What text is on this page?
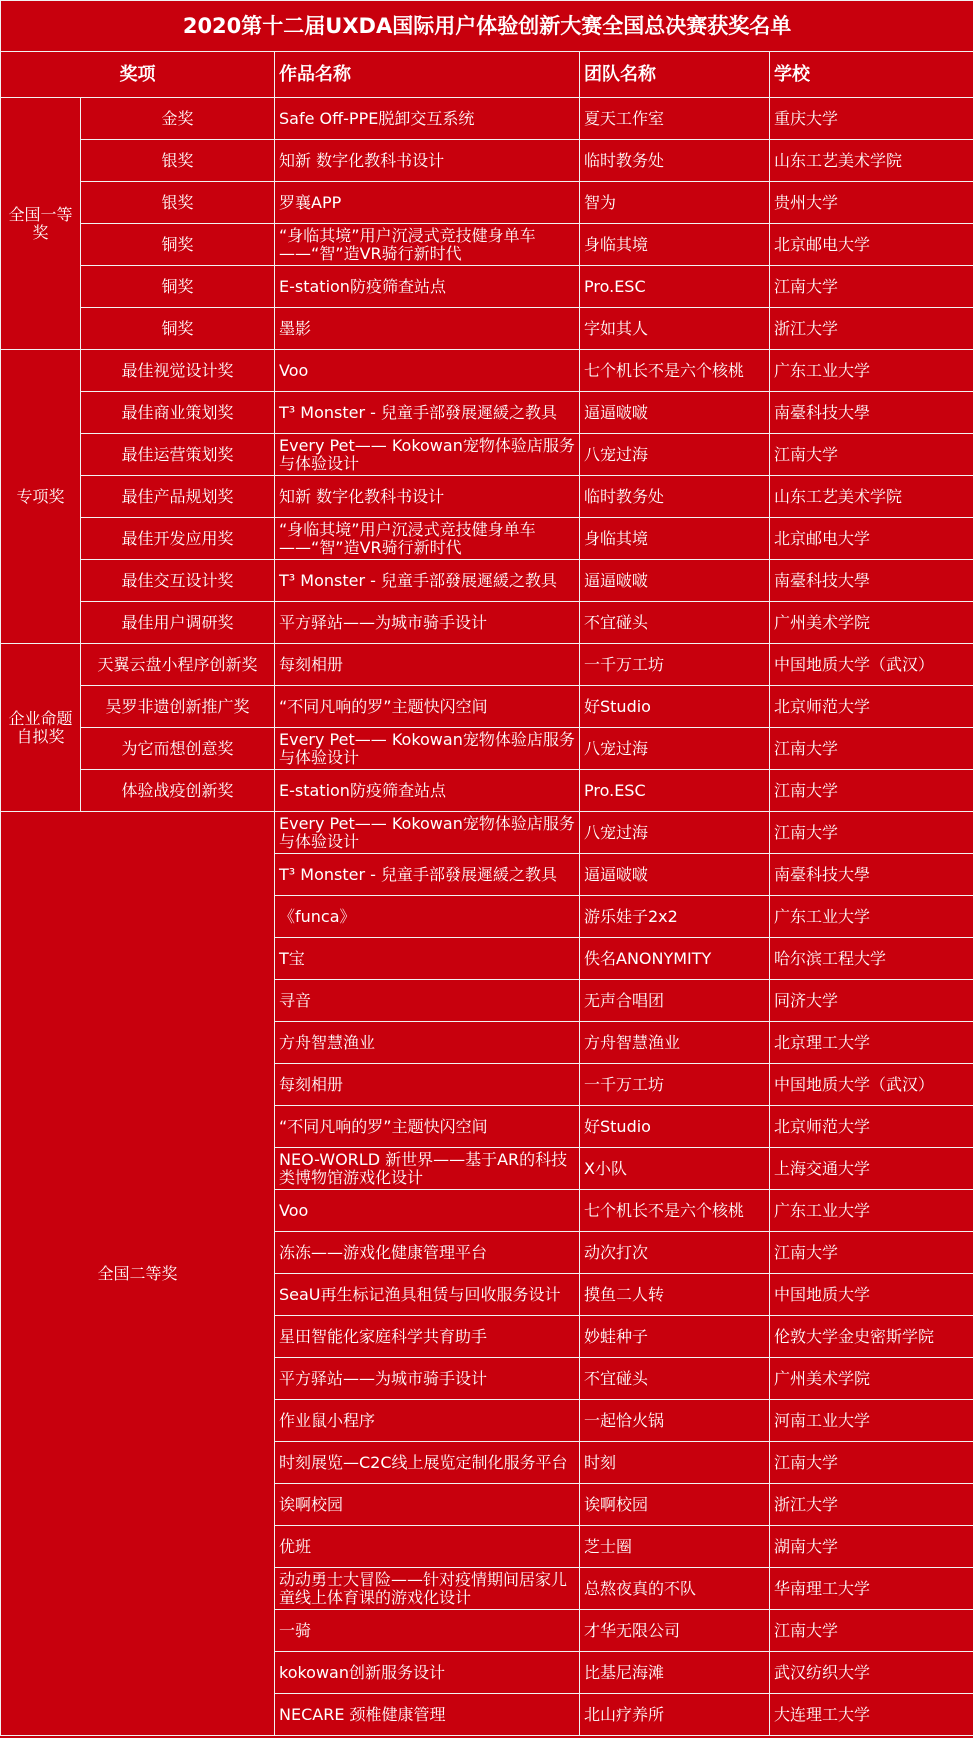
2020第十二届UXDA国际用户体验创新大赛全国总决赛获奖名单				
奖项		作品名称	团队名称	学校
全国一等奖	金奖	Safe Off-PPE脱卸交互系统	夏天工作室	重庆大学
	银奖	知新 数字化教科书设计	临时教务处	山东工艺美术学院
	银奖	罗襄APP	智为	贵州大学
	铜奖	“身临其境”用户沉浸式竞技健身单车——“智”造VR骑行新时代	身临其境	北京邮电大学
	铜奖	E-station防疫筛查站点	Pro.ESC	江南大学
	铜奖	墨影	字如其人	浙江大学
专项奖	最佳视觉设计奖	Voo	七个机长不是六个核桃	广东工业大学
	最佳商业策划奖	T³ Monster - 兒童手部發展遲緩之教具	逼逼啵啵	南臺科技大學
	最佳运营策划奖	Every Pet—— Kokowan宠物体验店服务与体验设计	八宠过海	江南大学
	最佳产品规划奖	知新 数字化教科书设计	临时教务处	山东工艺美术学院
	最佳开发应用奖	“身临其境”用户沉浸式竞技健身单车——“智”造VR骑行新时代	身临其境	北京邮电大学
	最佳交互设计奖	T³ Monster - 兒童手部發展遲緩之教具	逼逼啵啵	南臺科技大學
	最佳用户调研奖	平方驿站——为城市骑手设计	不宜碰头	广州美术学院
企业命题自拟奖	天翼云盘小程序创新奖	每刻相册	一千万工坊	中国地质大学（武汉）
	吴罗非遗创新推广奖	“不同凡响的罗”主题快闪空间	好Studio	北京师范大学
	为它而想创意奖	Every Pet—— Kokowan宠物体验店服务与体验设计	八宠过海	江南大学
	体验战疫创新奖	E-station防疫筛查站点	Pro.ESC	江南大学
全国二等奖		Every Pet—— Kokowan宠物体验店服务与体验设计	八宠过海	江南大学
		T³ Monster - 兒童手部發展遲緩之教具	逼逼啵啵	南臺科技大學
		《funca》	游乐娃子2x2	广东工业大学
		T宝	佚名ANONYMITY	哈尔滨工程大学
		寻音	无声合唱团	同济大学
		方舟智慧渔业	方舟智慧渔业	北京理工大学
		每刻相册	一千万工坊	中国地质大学（武汉）
		“不同凡响的罗”主题快闪空间	好Studio	北京师范大学
		NEO-WORLD 新世界——基于AR的科技类博物馆游戏化设计	X小队	上海交通大学
		Voo	七个机长不是六个核桃	广东工业大学
		冻冻——游戏化健康管理平台	动次打次	江南大学
		SeaU再生标记渔具租赁与回收服务设计	摸鱼二人转	中国地质大学
		星田智能化家庭科学共育助手	妙蛙种子	伦敦大学金史密斯学院
		平方驿站——为城市骑手设计	不宜碰头	广州美术学院
		作业鼠小程序	一起恰火锅	河南工业大学
		时刻展览—C2C线上展览定制化服务平台	时刻	江南大学
		诶啊校园	诶啊校园	浙江大学
		优班	芝士圈	湖南大学
		动动勇士大冒险——针对疫情期间居家儿童线上体育课的游戏化设计	总熬夜真的不队	华南理工大学
		一骑	才华无限公司	江南大学
		kokowan创新服务设计	比基尼海滩	武汉纺织大学
		NECARE 颈椎健康管理	北山疗养所	大连理工大学
